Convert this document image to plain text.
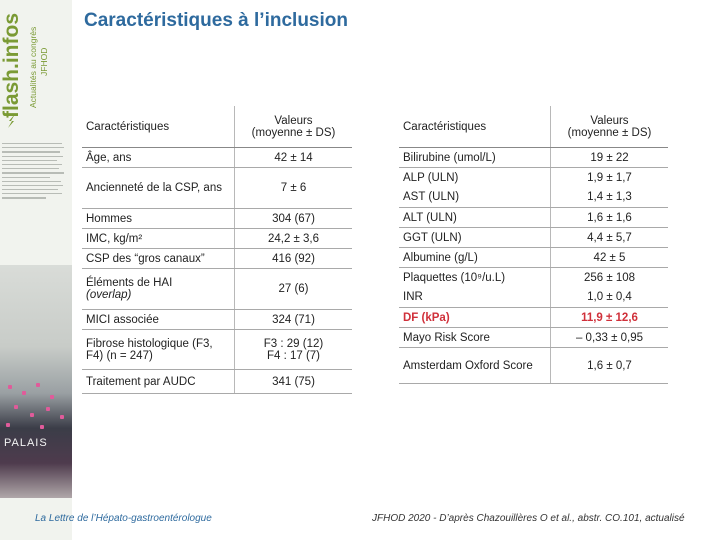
flash.infos Actualités au congrès JFHOD
PALAIS
Caractéristiques à l’inclusion
Caractéristiques	Valeurs
(moyenne ± DS)
Âge, ans	42 ± 14
Ancienneté de la CSP, ans	7 ± 6
Hommes	304 (67)
IMC, kg/m²	24,2 ± 3,6
CSP des “gros canaux”	416 (92)
Éléments de HAI
(overlap)	27 (6)
MICI associée	324 (71)
Fibrose histologique (F3, F4) (n = 247)	F3 : 29 (12)
F4 : 17 (7)
Traitement par AUDC	341 (75)
Caractéristiques	Valeurs
(moyenne ± DS)
Bilirubine (umol/L)	19 ± 22
ALP (ULN)	1,9 ± 1,7
AST (ULN)	1,4 ± 1,3
ALT (ULN)	1,6 ± 1,6
GGT (ULN)	4,4 ± 5,7
Albumine (g/L)	42 ± 5
Plaquettes (10⁹/u.L)	256 ± 108
INR	1,0 ± 0,4
DF (kPa)	11,9 ± 12,6
Mayo Risk Score	– 0,33 ± 0,95
Amsterdam Oxford Score	1,6 ± 0,7
La Lettre de l’Hépato-gastroentérologue	JFHOD 2020 - D’après Chazouillères O et al., abstr. CO.101, actualisé
